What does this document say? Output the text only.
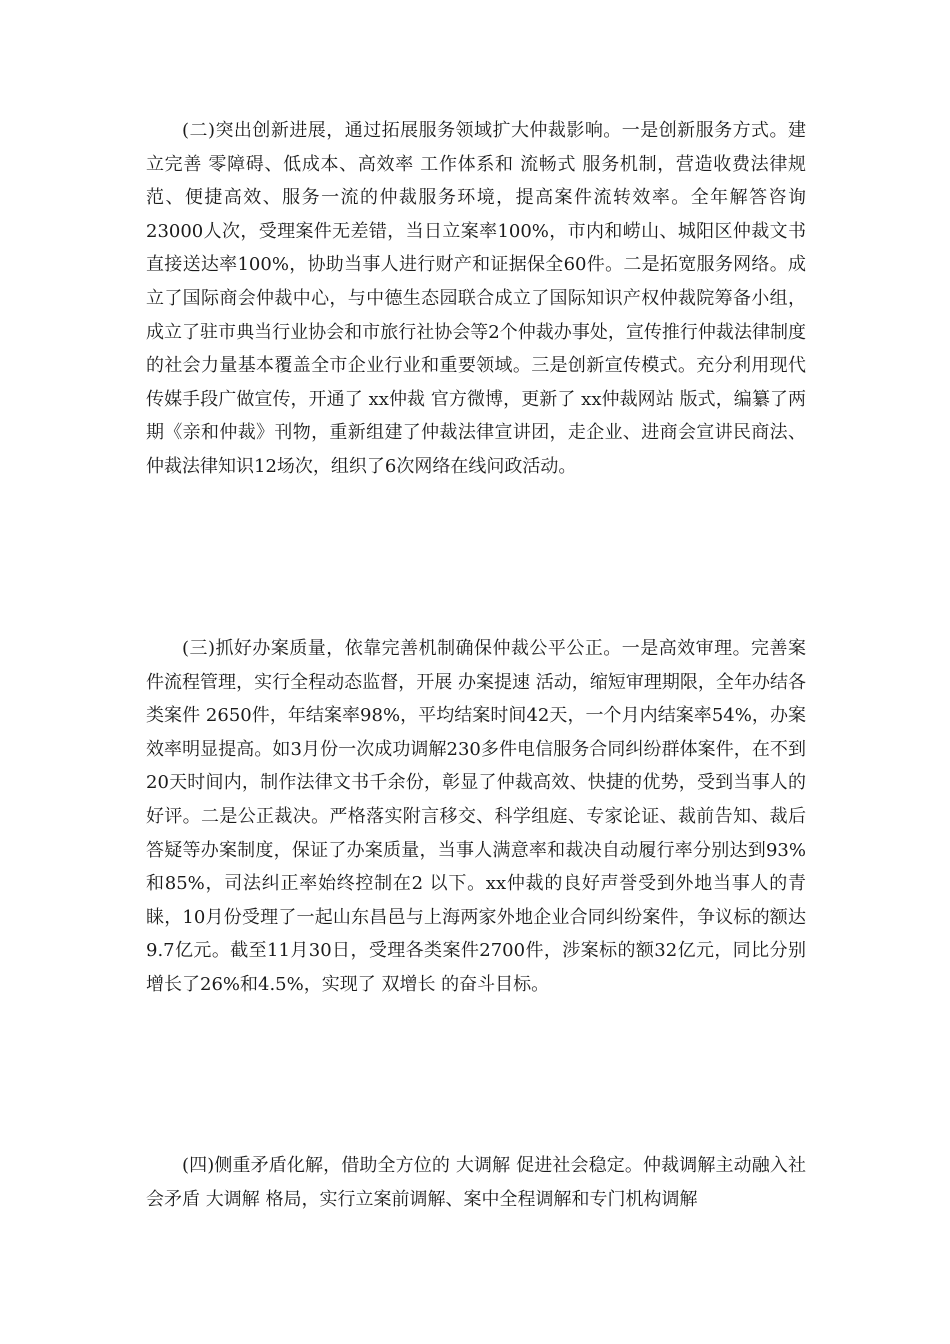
(二)突出创新进展，通过拓展服务领域扩大仲裁影响。一是创新服务方式。建立完善 零障碍、低成本、高效率 工作体系和 流畅式 服务机制，营造收费法律规范、便捷高效、服务一流的仲裁服务环境，提高案件流转效率。全年解答咨询23000人次，受理案件无差错，当日立案率100%，市内和崂山、城阳区仲裁文书直接送达率100%，协助当事人进行财产和证据保全60件。二是拓宽服务网络。成立了国际商会仲裁中心，与中德生态园联合成立了国际知识产权仲裁院筹备小组，成立了驻市典当行业协会和市旅行社协会等2个仲裁办事处，宣传推行仲裁法律制度的社会力量基本覆盖全市企业行业和重要领域。三是创新宣传模式。充分利用现代传媒手段广做宣传，开通了 xx仲裁 官方微博，更新了 xx仲裁网站 版式，编纂了两期《亲和仲裁》刊物，重新组建了仲裁法律宣讲团，走企业、进商会宣讲民商法、仲裁法律知识12场次，组织了6次网络在线问政活动。

(三)抓好办案质量，依靠完善机制确保仲裁公平公正。一是高效审理。完善案件流程管理，实行全程动态监督，开展 办案提速 活动，缩短审理期限，全年办结各类案件 2650件，年结案率98%，平均结案时间42天，一个月内结案率54%，办案效率明显提高。如3月份一次成功调解230多件电信服务合同纠纷群体案件，在不到20天时间内，制作法律文书千余份，彰显了仲裁高效、快捷的优势，受到当事人的好评。二是公正裁决。严格落实附言移交、科学组庭、专家论证、裁前告知、裁后答疑等办案制度，保证了办案质量，当事人满意率和裁决自动履行率分别达到93%和85%，司法纠正率始终控制在2 以下。xx仲裁的良好声誉受到外地当事人的青睐，10月份受理了一起山东昌邑与上海两家外地企业合同纠纷案件，争议标的额达9.7亿元。截至11月30日，受理各类案件2700件，涉案标的额32亿元，同比分别增长了26%和4.5%，实现了 双增长 的奋斗目标。

(四)侧重矛盾化解，借助全方位的 大调解 促进社会稳定。仲裁调解主动融入社会矛盾 大调解 格局，实行立案前调解、案中全程调解和专门机构调解
